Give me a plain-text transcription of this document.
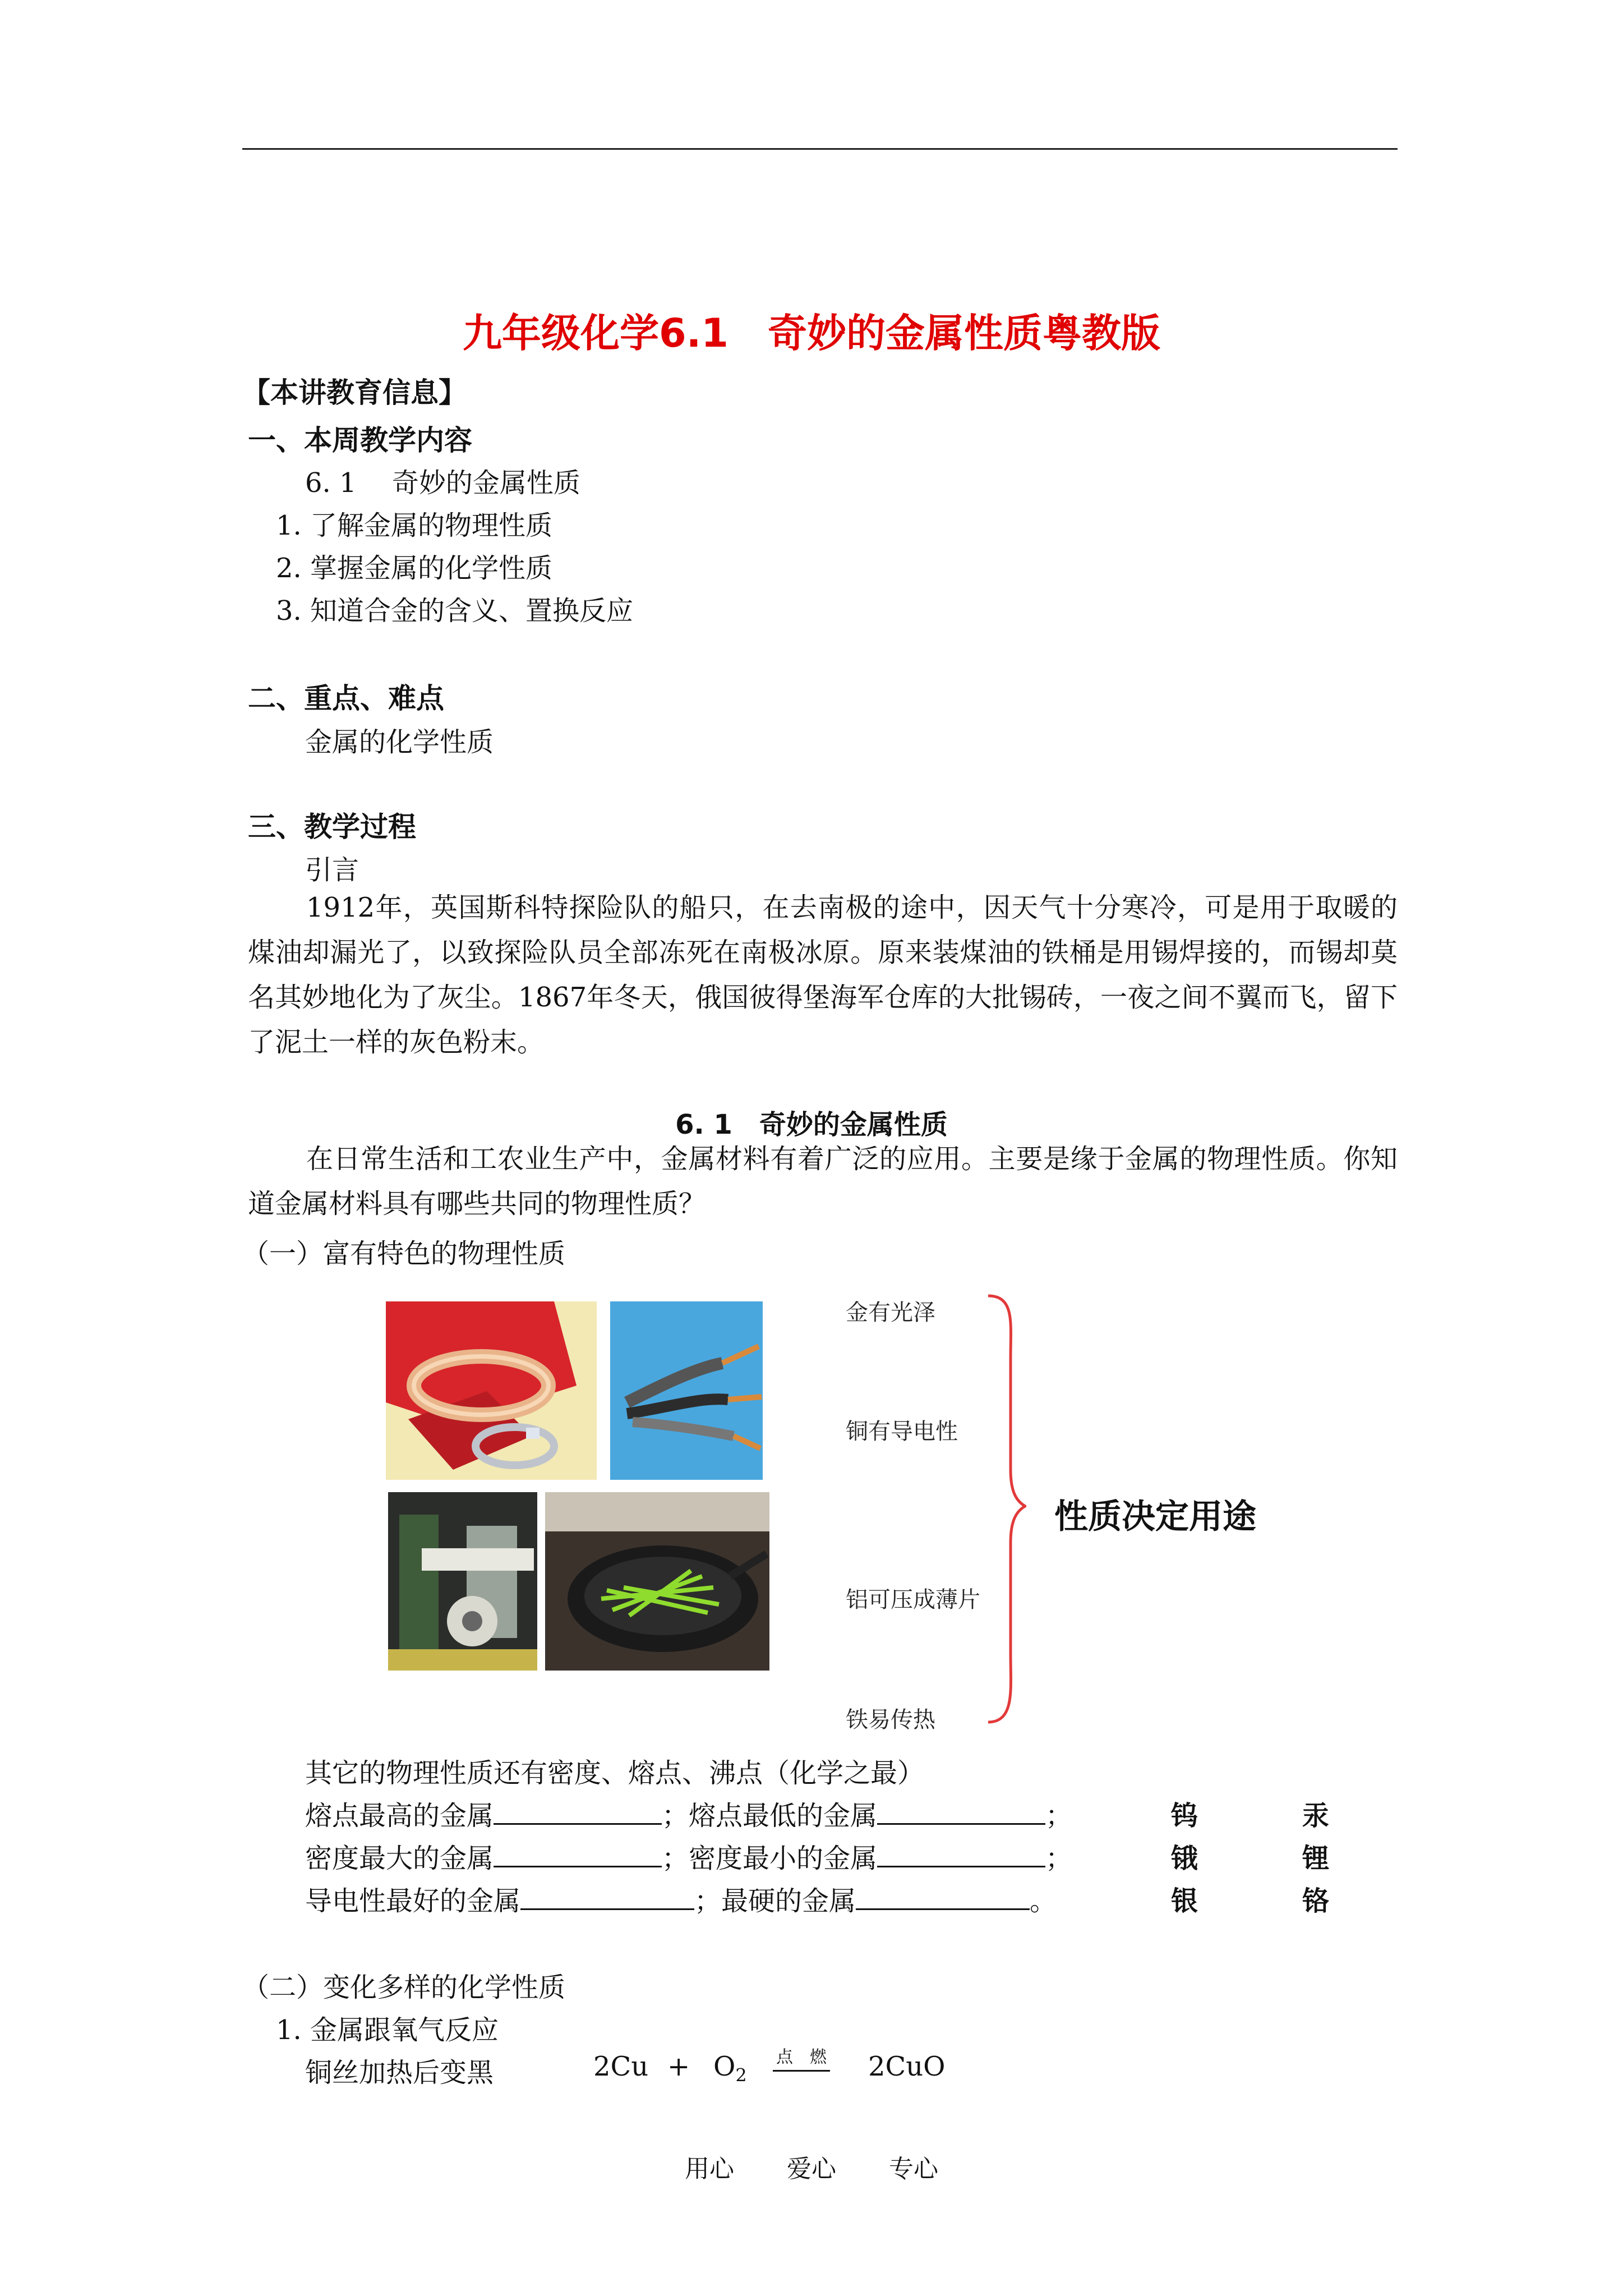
九年级化学6.1　奇妙的金属性质粤教版
【本讲教育信息】
一、本周教学内容
6. 1　 奇妙的金属性质
1. 了解金属的物理性质
2. 掌握金属的化学性质
3. 知道合金的含义、置换反应
二、重点、难点
金属的化学性质
三、教学过程
引言
1912年，英国斯科特探险队的船只，在去南极的途中，因天气十分寒冷，可是用于取暖的煤油却漏光了，以致探险队员全部冻死在南极冰原。原来装煤油的铁桶是用锡焊接的，而锡却莫名其妙地化为了灰尘。1867年冬天，俄国彼得堡海军仓库的大批锡砖，一夜之间不翼而飞，留下了泥土一样的灰色粉末。
6. 1　奇妙的金属性质
在日常生活和工农业生产中，金属材料有着广泛的应用。主要是缘于金属的物理性质。你知道金属材料具有哪些共同的物理性质？
（一）富有特色的物理性质
金有光泽
铜有导电性
铝可压成薄片
铁易传热
性质决定用途
其它的物理性质还有密度、熔点、沸点（化学之最）
熔点最高的金属	；熔点最低的金属	；	钨	汞
密度最大的金属	；密度最小的金属	；	锇	锂
导电性最好的金属	；最硬的金属	。	银	铬
（二）变化多样的化学性质
1. 金属跟氧气反应
铜丝加热后变黑	$2Cu + O_2$
点　燃 2CuO
用心 爱心 专心
